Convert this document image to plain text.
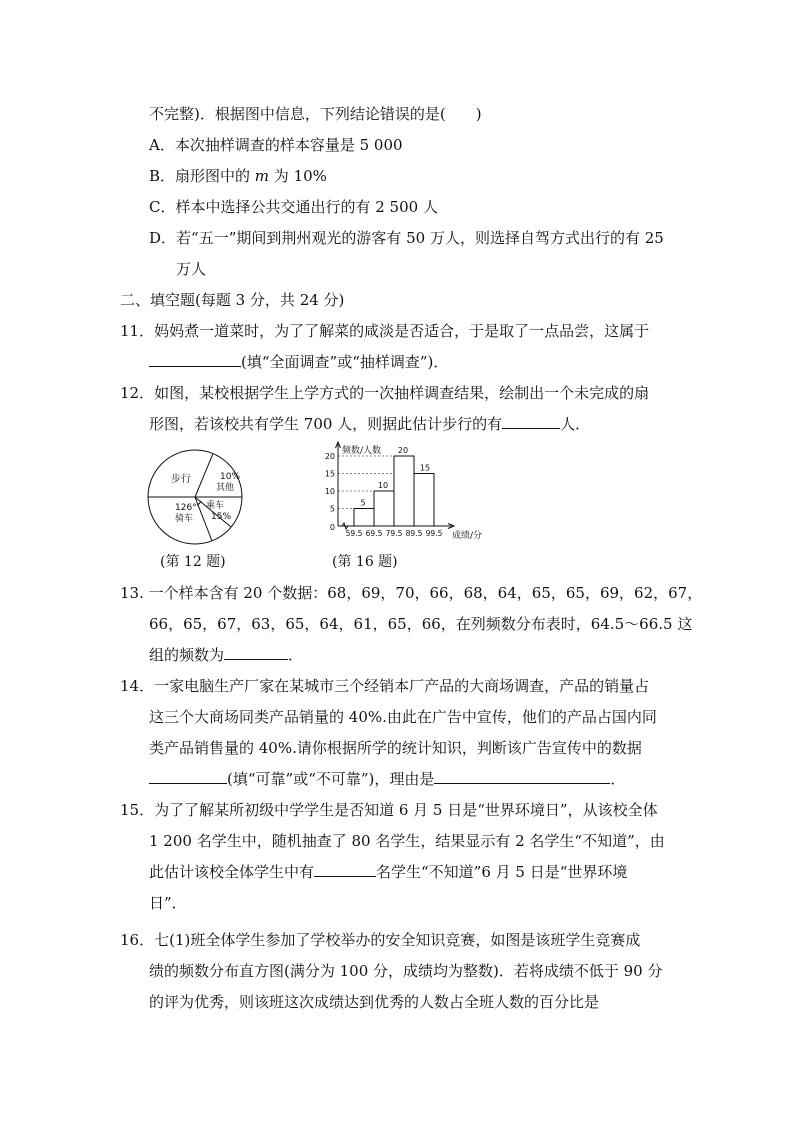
不完整)．根据图中信息，下列结论错误的是(　　)
A．本次抽样调查的样本容量是 5 000
B．扇形图中的 m 为 10%
C．样本中选择公共交通出行的有 2 500 人
D．若“五一”期间到荆州观光的游客有 50 万人，则选择自驾方式出行的有 25
万人
二、填空题(每题 3 分，共 24 分)
11．妈妈煮一道菜时，为了了解菜的咸淡是否适合，于是取了一点品尝，这属于
(填“全面调查”或“抽样调查”)．
12．如图，某校根据学生上学方式的一次抽样调查结果，绘制出一个未完成的扇
形图，若该校共有学生 700 人，则据此估计步行的有	人．
步行	10%
其他
乘车
15%
126°
骑车
(第 12 题)
0
5
10
15
20
5
10
20
15
59.5 69.5 79.5 89.5 99.5
频数/人数
成绩/分
(第 16 题)
13. 一个样本含有 20 个数据：68，69，70，66，68，64，65，65，69，62，67，
66，65，67，63，65，64，61，65，66，在列频数分布表时，64.5～66.5 这
组的频数为	．
14．一家电脑生产厂家在某城市三个经销本厂产品的大商场调查，产品的销量占
这三个大商场同类产品销量的 40%.由此在广告中宣传，他们的产品占国内同
类产品销售量的 40%.请你根据所学的统计知识，判断该广告宣传中的数据
(填“可靠”或“不可靠”)，理由是	．
15．为了了解某所初级中学学生是否知道 6 月 5 日是“世界环境日”，从该校全体
1 200 名学生中，随机抽查了 80 名学生，结果显示有 2 名学生“不知道”，由
此估计该校全体学生中有	名学生“不知道”6 月 5 日是“世界环境
日”．
16．七(1)班全体学生参加了学校举办的安全知识竞赛，如图是该班学生竞赛成
绩的频数分布直方图(满分为 100 分，成绩均为整数)．若将成绩不低于 90 分
的评为优秀，则该班这次成绩达到优秀的人数占全班人数的百分比是
